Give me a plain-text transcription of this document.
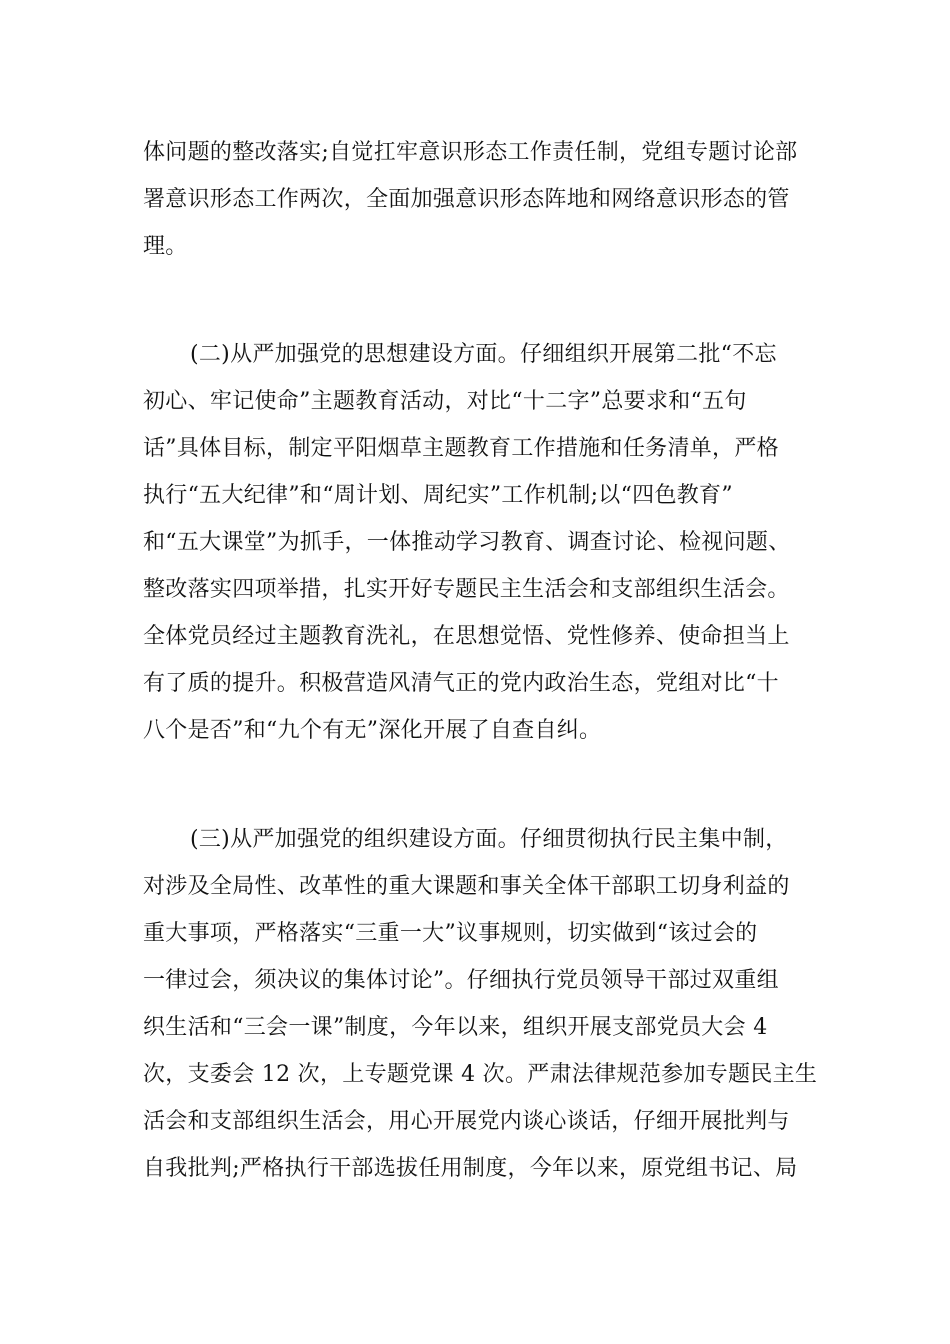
体问题的整改落实;自觉扛牢意识形态工作责任制，党组专题讨论部
署意识形态工作两次，全面加强意识形态阵地和网络意识形态的管
理。
(二)从严加强党的思想建设方面。仔细组织开展第二批“不忘
初心、牢记使命”主题教育活动，对比“十二字”总要求和“五句
话”具体目标，制定平阳烟草主题教育工作措施和任务清单，严格
执行“五大纪律”和“周计划、周纪实”工作机制;以“四色教育”
和“五大课堂”为抓手，一体推动学习教育、调查讨论、检视问题、
整改落实四项举措，扎实开好专题民主生活会和支部组织生活会。
全体党员经过主题教育洗礼，在思想觉悟、党性修养、使命担当上
有了质的提升。积极营造风清气正的党内政治生态，党组对比“十
八个是否”和“九个有无”深化开展了自查自纠。
(三)从严加强党的组织建设方面。仔细贯彻执行民主集中制，
对涉及全局性、改革性的重大课题和事关全体干部职工切身利益的
重大事项，严格落实“三重一大”议事规则，切实做到“该过会的
一律过会，须决议的集体讨论”。仔细执行党员领导干部过双重组
织生活和“三会一课”制度，今年以来，组织开展支部党员大会 4
次，支委会 12 次，上专题党课 4 次。严肃法律规范参加专题民主生
活会和支部组织生活会，用心开展党内谈心谈话，仔细开展批判与
自我批判;严格执行干部选拔任用制度，今年以来，原党组书记、局
